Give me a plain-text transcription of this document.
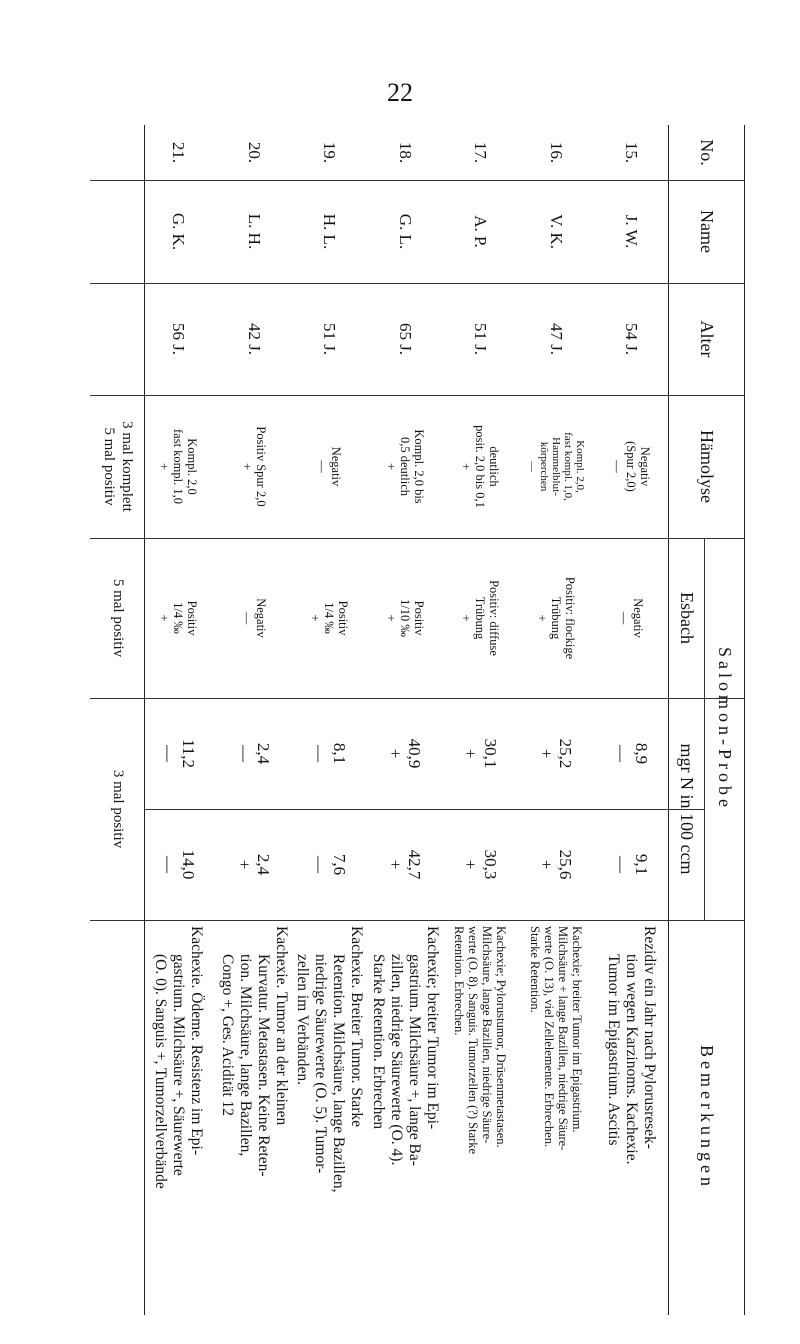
22
No.
Name
Alter
Hämolyse
Salomon-Probe
Esbach
mgr N in 100 ccm
Bemerkungen
15.
J. W.
54 J.
Negativ
(Spur 2,0)
—
Negativ
—
8,9
—
9,1
—
Rezidiv ein Jahr nach Pylorusresek-
tion wegen Karzinoms. Kachexie.
Tumor im Epigastrium. Ascitis
16.
V. K.
47 J.
Kompl. 2,0,
fast kompl. 1,0,
Hammelblut-
körperchen
—
Positiv: flockige
Trübung
+
25,2
+
25,6
+
Kachexie; breiter Tumor im Epigastrium.
Milchsäure + lange Bazillen, niedrige Säure-
werte (O. 13), viel Zellelemente. Erbrechen.
Starke Retention.
17.
A. P.
51 J.
deutlich
posit. 2,0 bis 0,1
+
Positiv: diffuse
Trübung
+
30,1
+
30,3
+
Kachexie; Pylorustumor, Drüsenmetastasen.
Milchsäure, lange Bazillen, niedrige Säure-
werte (O. 8). Sanguis. Tumorzellen (?) Starke
Retention. Erbrechen.
18.
G. L.
65 J.
Kompl. 2,0 bis
0,5 deutlich
+
Positiv
1/10 ‰
+
40,9
+
42,7
+
Kachexie; breiter Tumor im Epi-
gastrium. Milchsäure +, lange Ba-
zillen, niedrige Säurewerte (O. 4).
Starke Retention. Erbrechen
19.
H. L.
51 J.
Negativ
—
Positiv
1/4 ‰
+
8,1
—
7,6
—
Kachexie. Breiter Tumor. Starke
Retention. Milchsäure, lange Bazillen,
niedrige Säurewerte (O. 5). Tumor-
zellen im Verbänden.
20.
L. H.
42 J.
Positiv Spur 2,0
+
Negativ
—
2,4
—
2,4
+
Kachexie. Tumor an der kleinen
Kurvatur. Metastasen. Keine Reten-
tion. Milchsäure, lange Bazillen,
Congo +, Ges. Acidität 12
21.
G. K.
56 J.
Kompl. 2,0
fast kompl. 1,0
+
Positiv
1/4 ‰
+
11,2
—
14,0
—
Kachexie. Ödeme. Resistenz im Epi-
gastrium. Milchsäure +, Säurewerte
(O. 0). Sanguis +, Tumorzellverbände
3 mal komplett
5 mal positiv
5 mal positiv
3 mal positiv
